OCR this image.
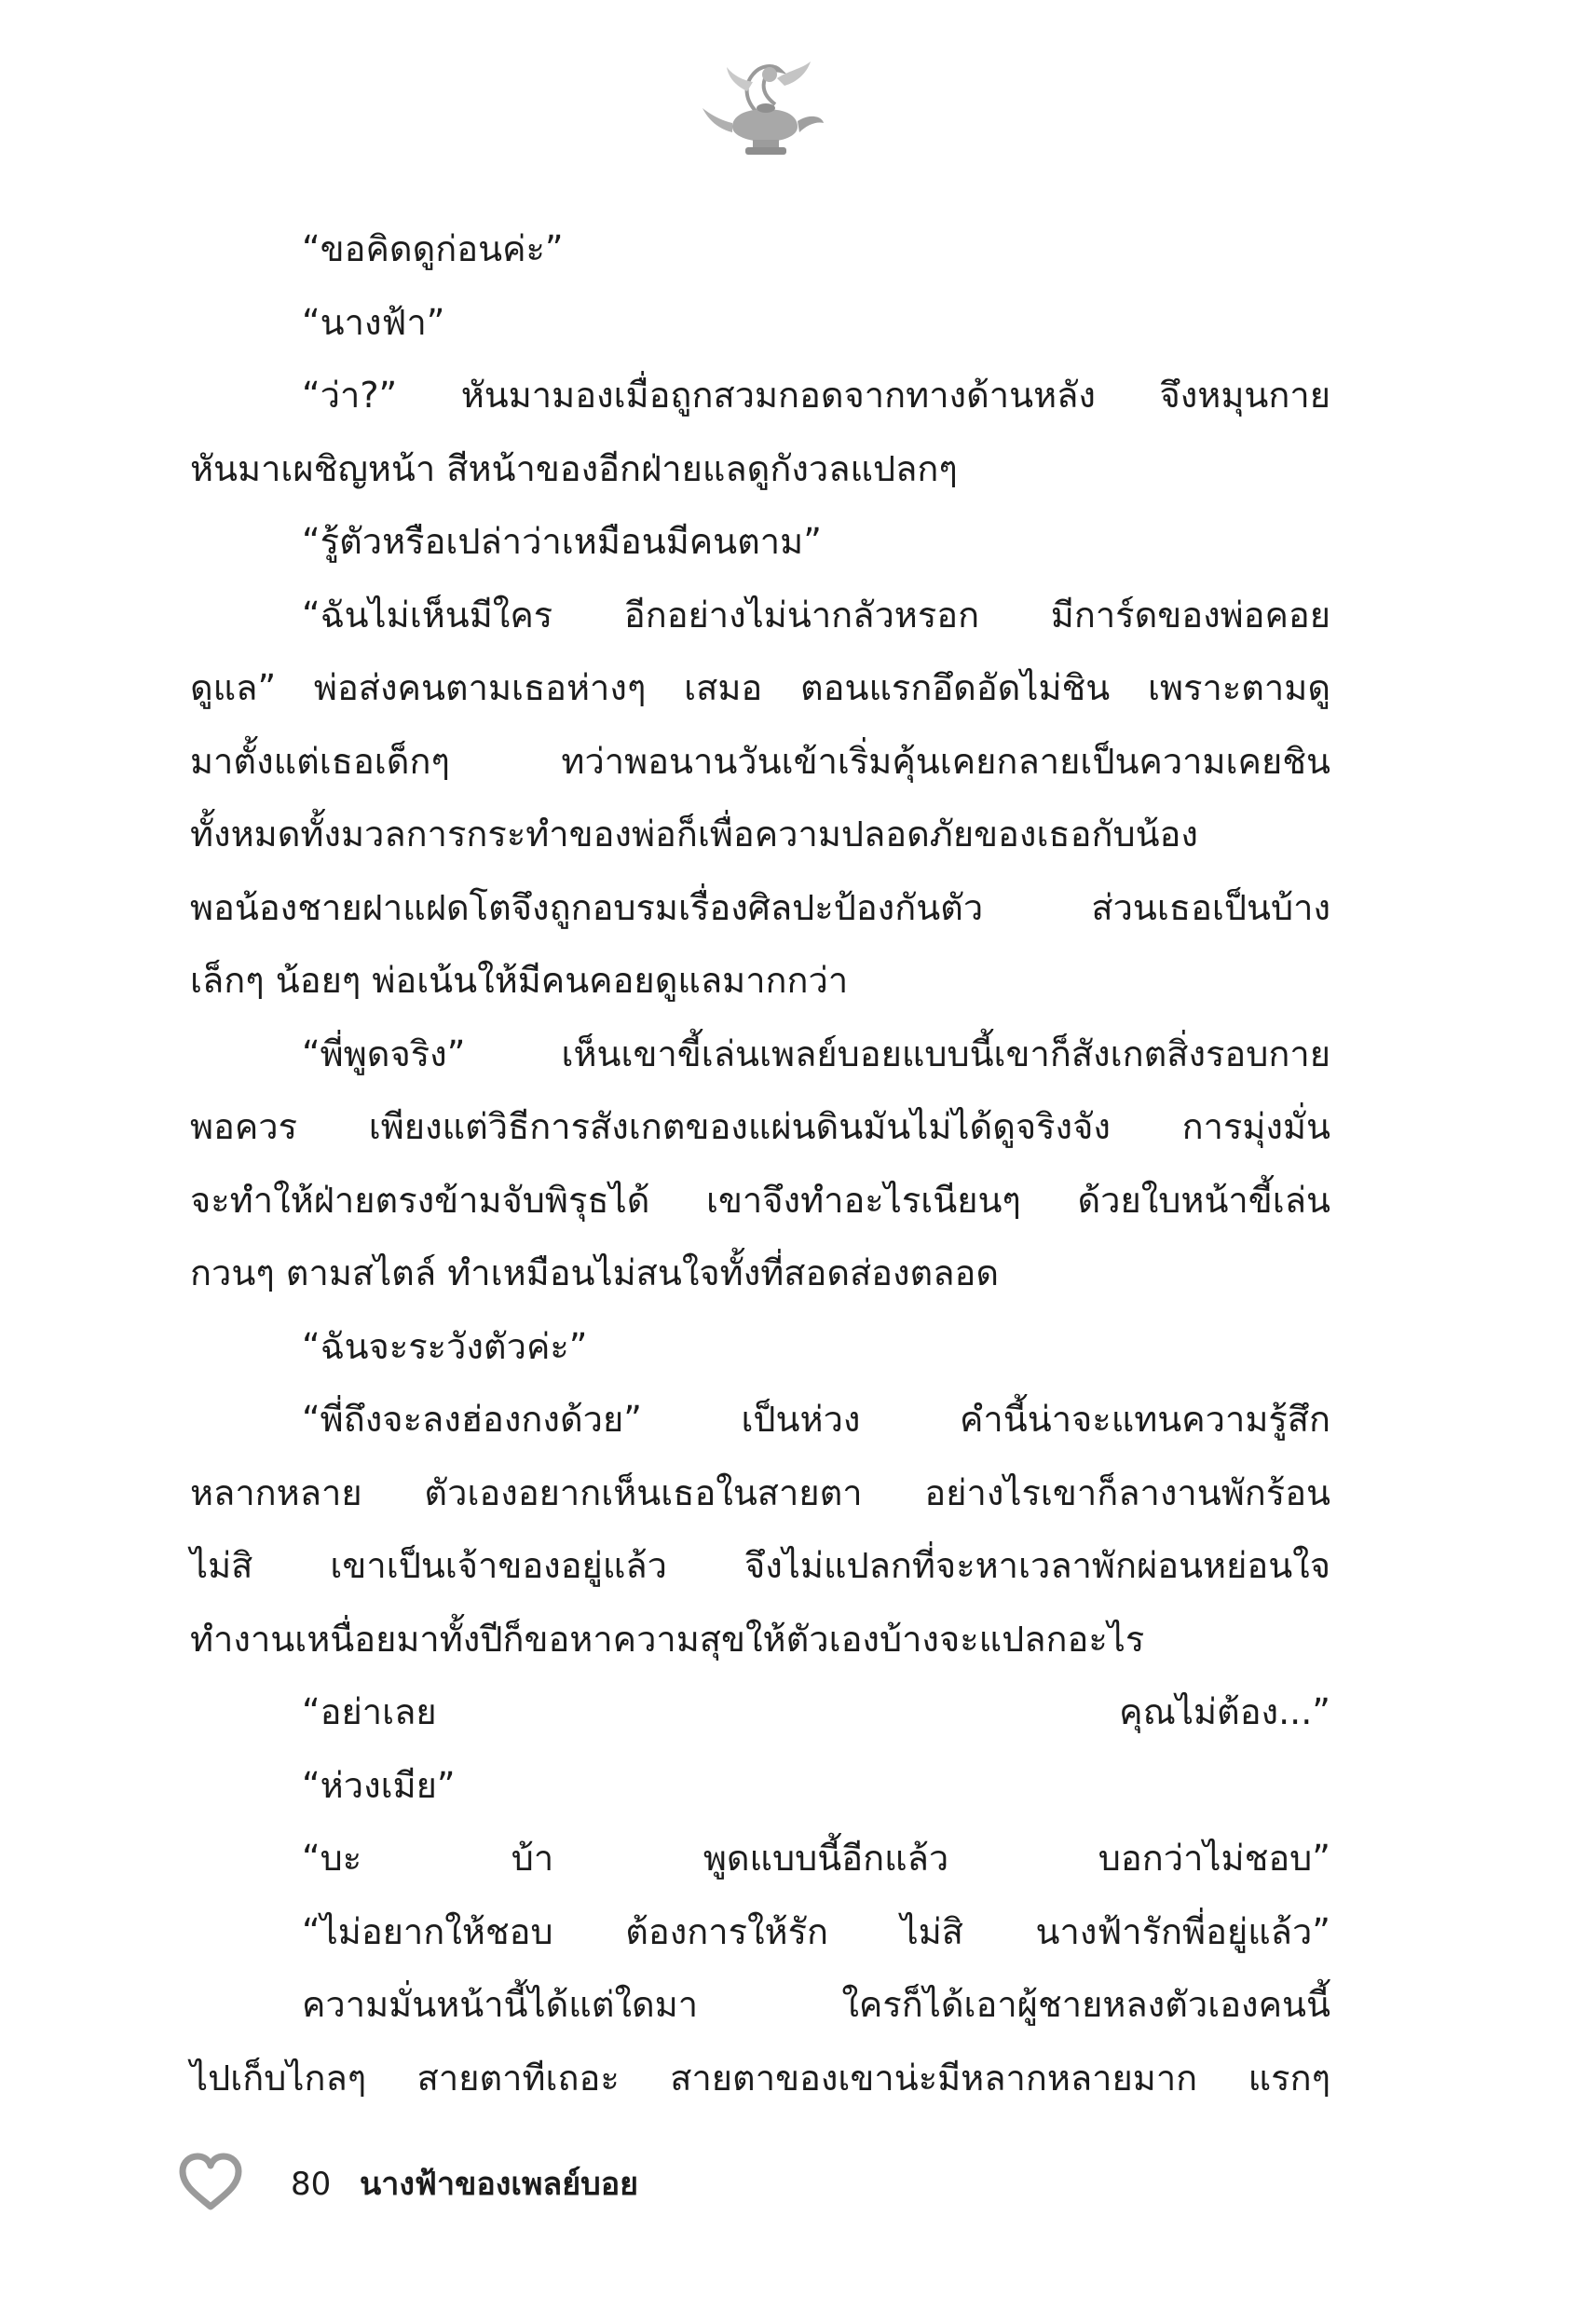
“ขอคิดดูก่อนค่ะ”
“นางฟ้า”
“ว่า?” หันมามองเมื่อถูกสวมกอดจากทางด้านหลัง จึงหมุนกาย
หันมาเผชิญหน้า สีหน้าของอีกฝ่ายแลดูกังวลแปลกๆ
“รู้ตัวหรือเปล่าว่าเหมือนมีคนตาม”
“ฉันไม่เห็นมีใคร อีกอย่างไม่น่ากลัวหรอก มีการ์ดของพ่อคอย
ดูแล” พ่อส่งคนตามเธอห่างๆ เสมอ ตอนแรกอึดอัดไม่ชิน เพราะตามดู
มาตั้งแต่เธอเด็กๆ ทว่าพอนานวันเข้าเริ่มคุ้นเคยกลายเป็นความเคยชิน
ทั้งหมดทั้งมวลการกระทำของพ่อก็เพื่อความปลอดภัยของเธอกับน้อง
พอน้องชายฝาแฝดโตจึงถูกอบรมเรื่องศิลปะป้องกันตัว ส่วนเธอเป็นบ้าง
เล็กๆ น้อยๆ พ่อเน้นให้มีคนคอยดูแลมากกว่า
“พี่พูดจริง” เห็นเขาขี้เล่นเพลย์บอยแบบนี้เขาก็สังเกตสิ่งรอบกาย
พอควร เพียงแต่วิธีการสังเกตของแผ่นดินมันไม่ได้ดูจริงจัง การมุ่งมั่น
จะทำให้ฝ่ายตรงข้ามจับพิรุธได้ เขาจึงทำอะไรเนียนๆ ด้วยใบหน้าขี้เล่น
กวนๆ ตามสไตล์ ทำเหมือนไม่สนใจทั้งที่สอดส่องตลอด
“ฉันจะระวังตัวค่ะ”
“พี่ถึงจะลงฮ่องกงด้วย” เป็นห่วง คำนี้น่าจะแทนความรู้สึก
หลากหลาย ตัวเองอยากเห็นเธอในสายตา อย่างไรเขาก็ลางานพักร้อน
ไม่สิ เขาเป็นเจ้าของอยู่แล้ว จึงไม่แปลกที่จะหาเวลาพักผ่อนหย่อนใจ
ทำงานเหนื่อยมาทั้งปีก็ขอหาความสุขให้ตัวเองบ้างจะแปลกอะไร
“อย่าเลย คุณไม่ต้อง...”
“ห่วงเมีย”
“บะ บ้า พูดแบบนี้อีกแล้ว บอกว่าไม่ชอบ”
“ไม่อยากให้ชอบ ต้องการให้รัก ไม่สิ นางฟ้ารักพี่อยู่แล้ว”
ความมั่นหน้านี้ได้แต่ใดมา ใครก็ได้เอาผู้ชายหลงตัวเองคนนี้
ไปเก็บไกลๆ สายตาทีเถอะ สายตาของเขาน่ะมีหลากหลายมาก แรกๆ
80 นางฟ้าของเพลย์บอย
